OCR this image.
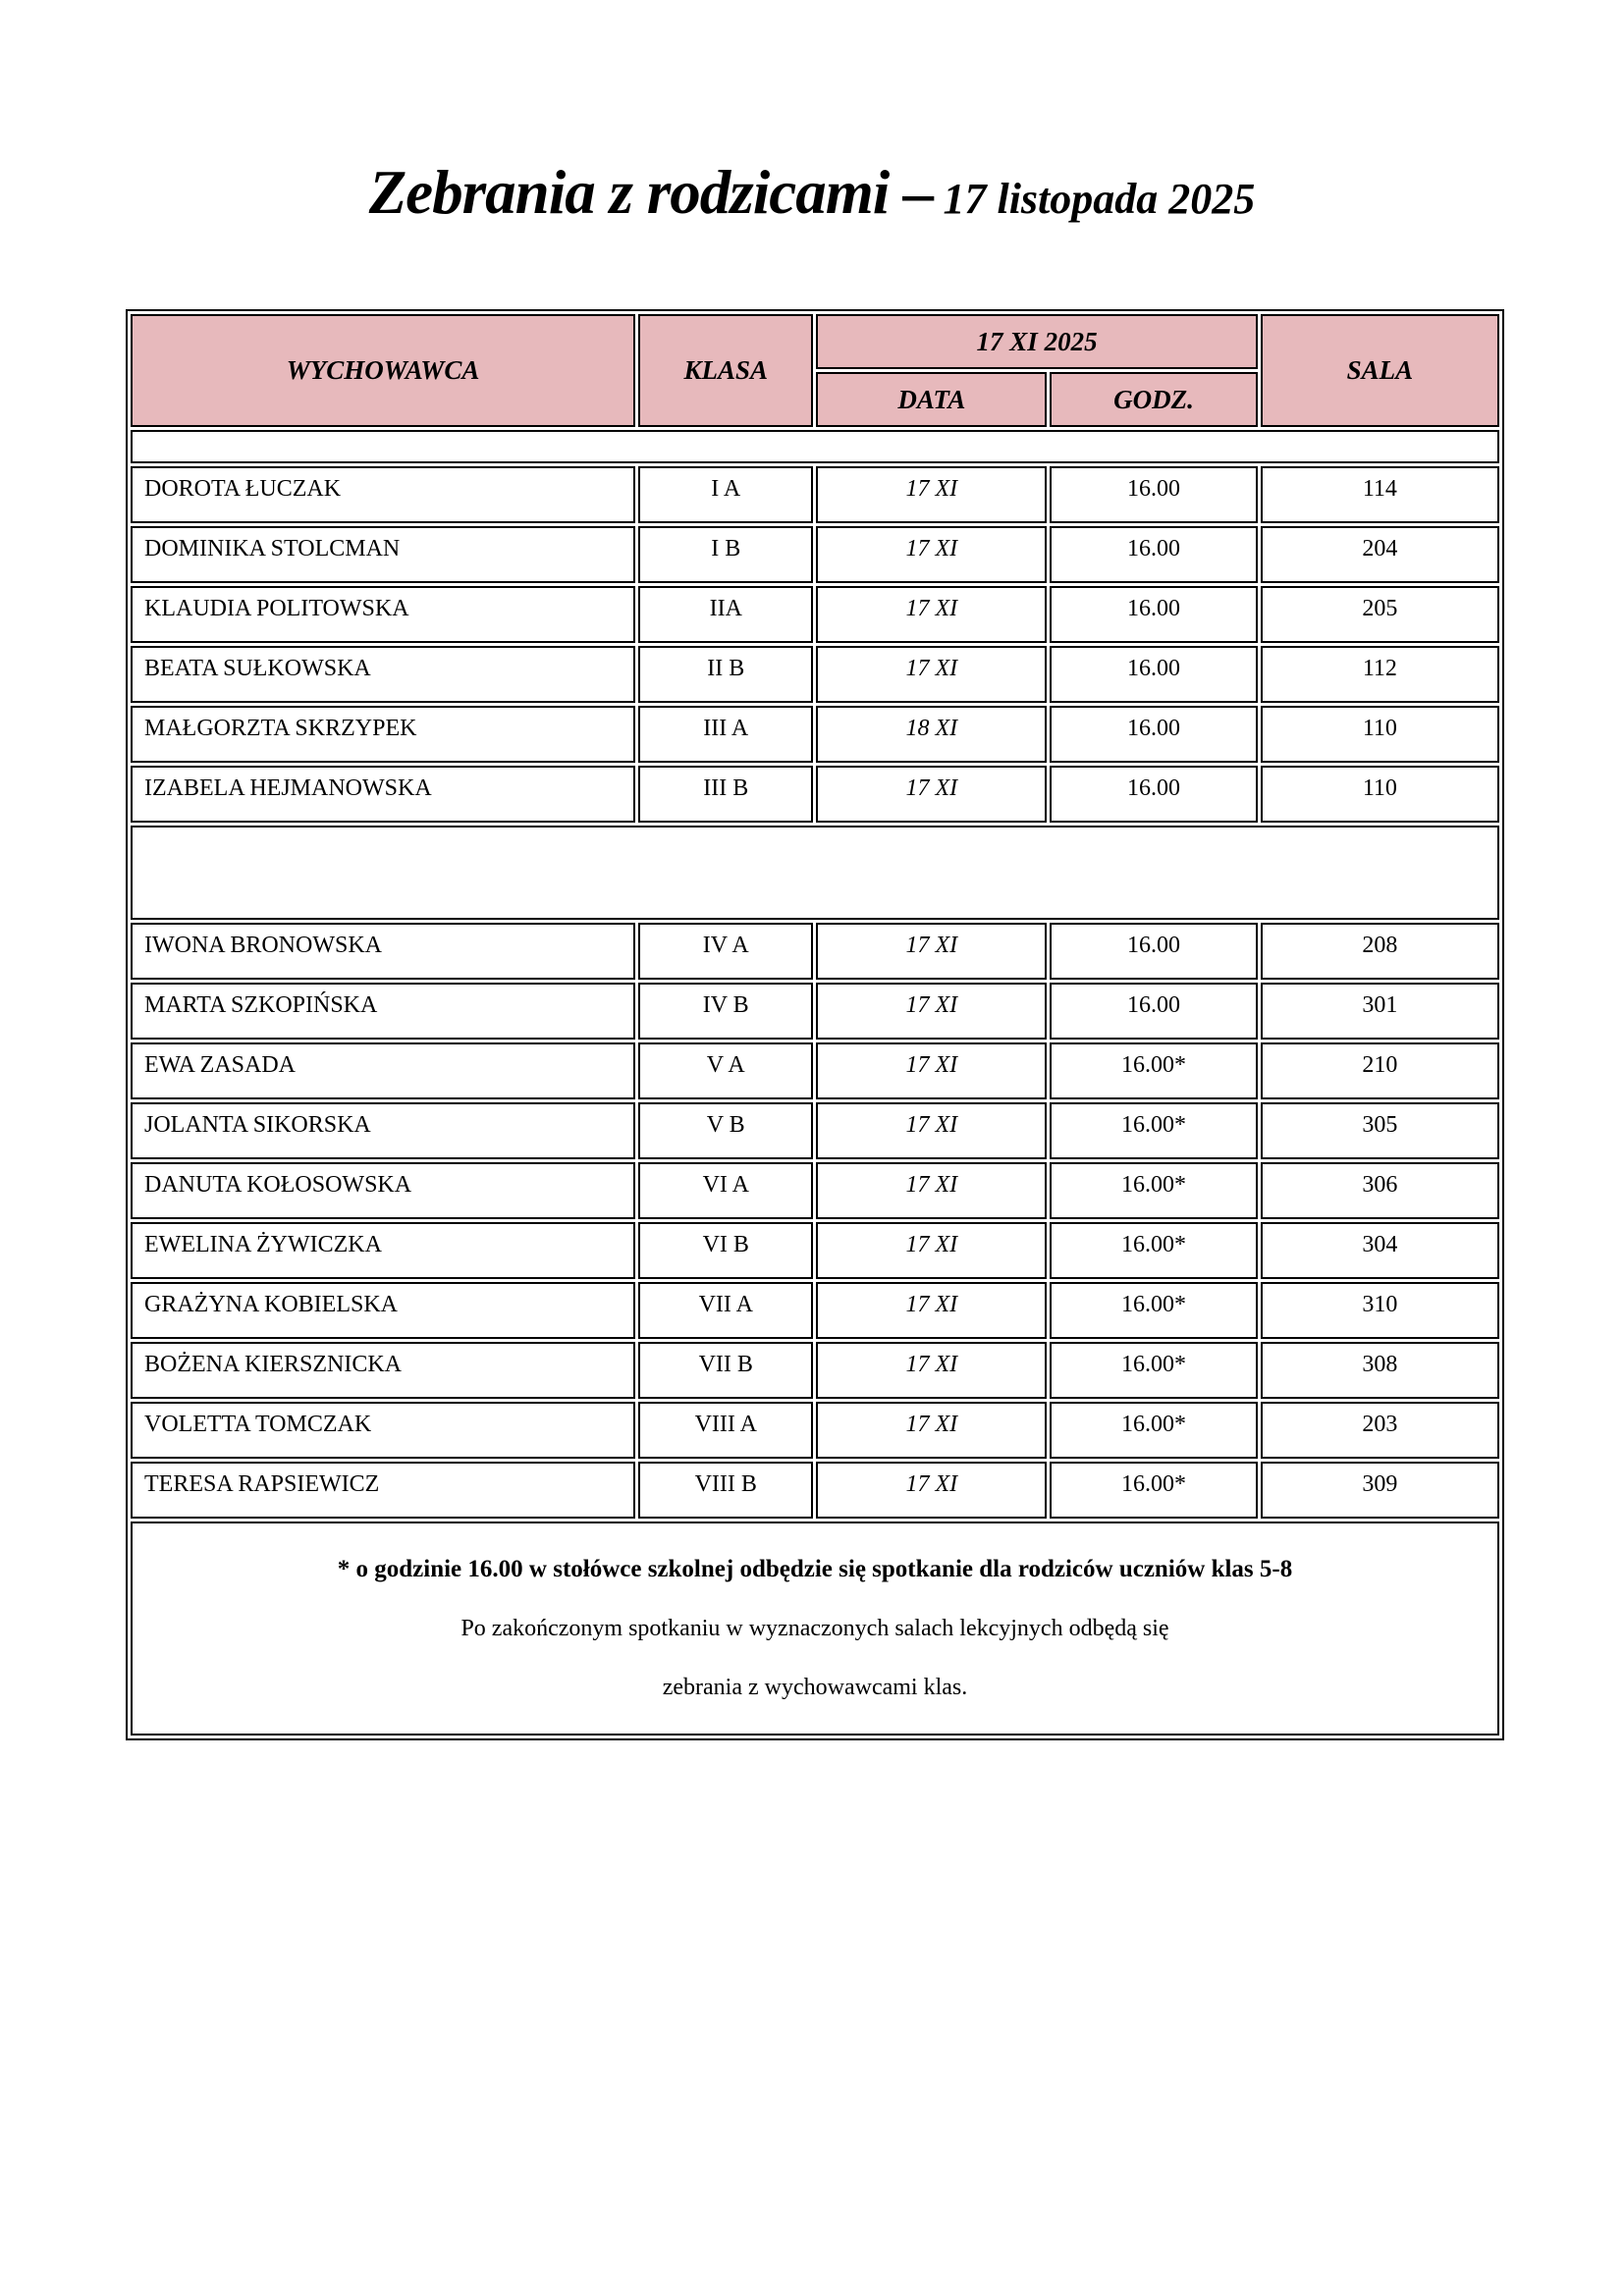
Zebrania z rodzicami – 17 listopada 2025
WYCHOWAWCA	KLASA	17 XI 2025		SALA
		DATA	GODZ.	

DOROTA ŁUCZAK	I A	17 XI	16.00	114
DOMINIKA STOLCMAN	I B	17 XI	16.00	204
KLAUDIA POLITOWSKA	IIA	17 XI	16.00	205
BEATA SUŁKOWSKA	II B	17 XI	16.00	112
MAŁGORZTA SKRZYPEK	III A	18 XI	16.00	110
IZABELA HEJMANOWSKA	III B	17 XI	16.00	110

IWONA BRONOWSKA	IV A	17 XI	16.00	208
MARTA SZKOPIŃSKA	IV B	17 XI	16.00	301
EWA ZASADA	V A	17 XI	16.00*	210
JOLANTA SIKORSKA	V B	17 XI	16.00*	305
DANUTA KOŁOSOWSKA	VI A	17 XI	16.00*	306
EWELINA ŻYWICZKA	VI B	17 XI	16.00*	304
GRAŻYNA KOBIELSKA	VII A	17 XI	16.00*	310
BOŻENA KIERSZNICKA	VII B	17 XI	16.00*	308
VOLETTA TOMCZAK	VIII A	17 XI	16.00*	203
TERESA RAPSIEWICZ	VIII B	17 XI	16.00*	309

* o godzinie 16.00 w stołówce szkolnej odbędzie się spotkanie dla rodziców uczniów klas 5-8
Po zakończonym spotkaniu w wyznaczonych salach lekcyjnych odbędą się
zebrania z wychowawcami klas.				
